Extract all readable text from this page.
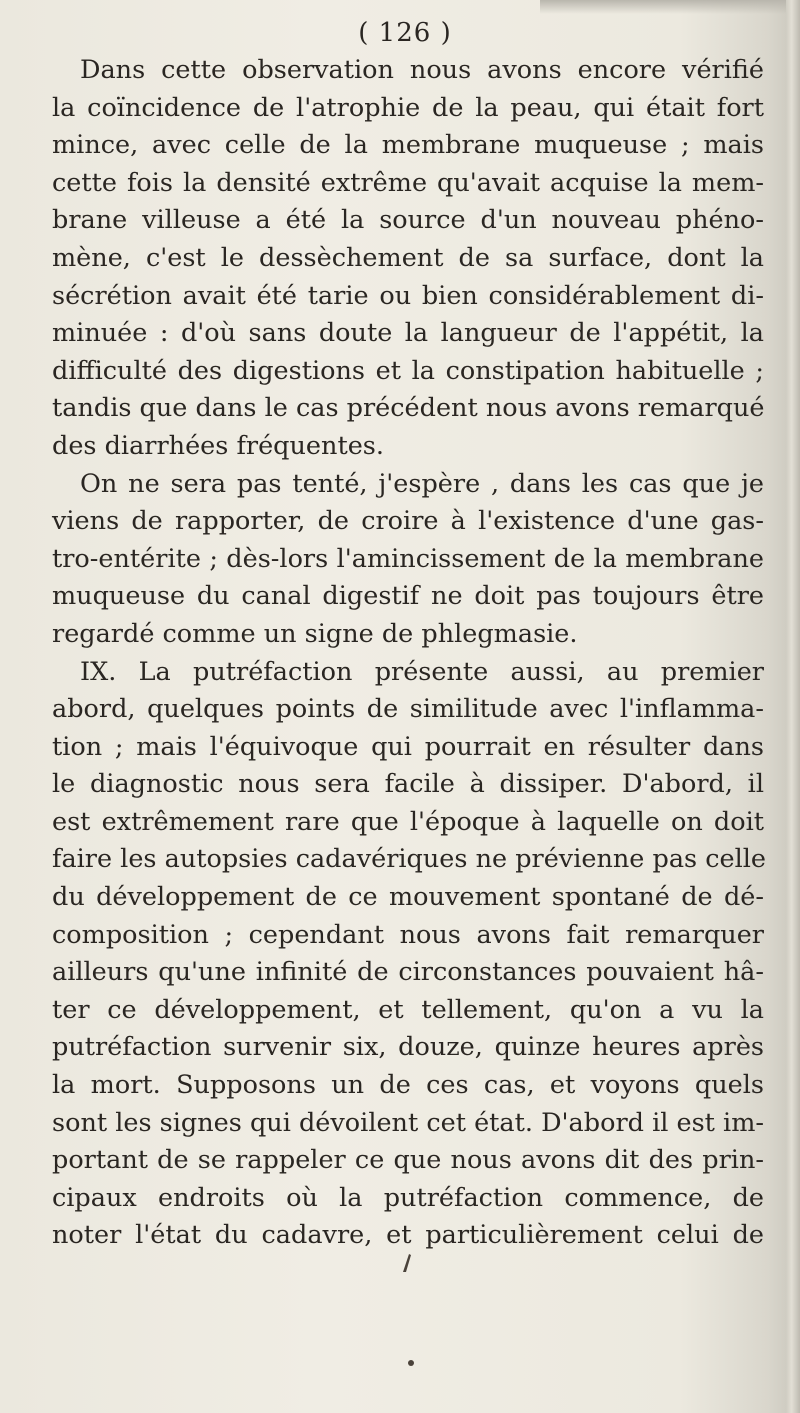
( 126 )
Dans cette observation nous avons encore vérifié
la coïncidence de l'atrophie de la peau, qui était fort
mince, avec celle de la membrane muqueuse ; mais
cette fois la densité extrême qu'avait acquise la mem-
brane villeuse a été la source d'un nouveau phéno-
mène, c'est le dessèchement de sa surface, dont la
sécrétion avait été tarie ou bien considérablement di-
minuée : d'où sans doute la langueur de l'appétit, la
difficulté des digestions et la constipation habituelle ;
tandis que dans le cas précédent nous avons remarqué
des diarrhées fréquentes.
On ne sera pas tenté, j'espère , dans les cas que je
viens de rapporter, de croire à l'existence d'une gas-
tro-entérite ; dès-lors l'amincissement de la membrane
muqueuse du canal digestif ne doit pas toujours être
regardé comme un signe de phlegmasie.
IX. La putréfaction présente aussi, au premier
abord, quelques points de similitude avec l'inflamma-
tion ; mais l'équivoque qui pourrait en résulter dans
le diagnostic nous sera facile à dissiper. D'abord, il
est extrêmement rare que l'époque à laquelle on doit
faire les autopsies cadavériques ne prévienne pas celle
du développement de ce mouvement spontané de dé-
composition ; cependant nous avons fait remarquer
ailleurs qu'une infinité de circonstances pouvaient hâ-
ter ce développement, et tellement, qu'on a vu la
putréfaction survenir six, douze, quinze heures après
la mort. Supposons un de ces cas, et voyons quels
sont les signes qui dévoilent cet état. D'abord il est im-
portant de se rappeler ce que nous avons dit des prin-
cipaux endroits où la putréfaction commence, de
noter l'état du cadavre, et particulièrement celui de
